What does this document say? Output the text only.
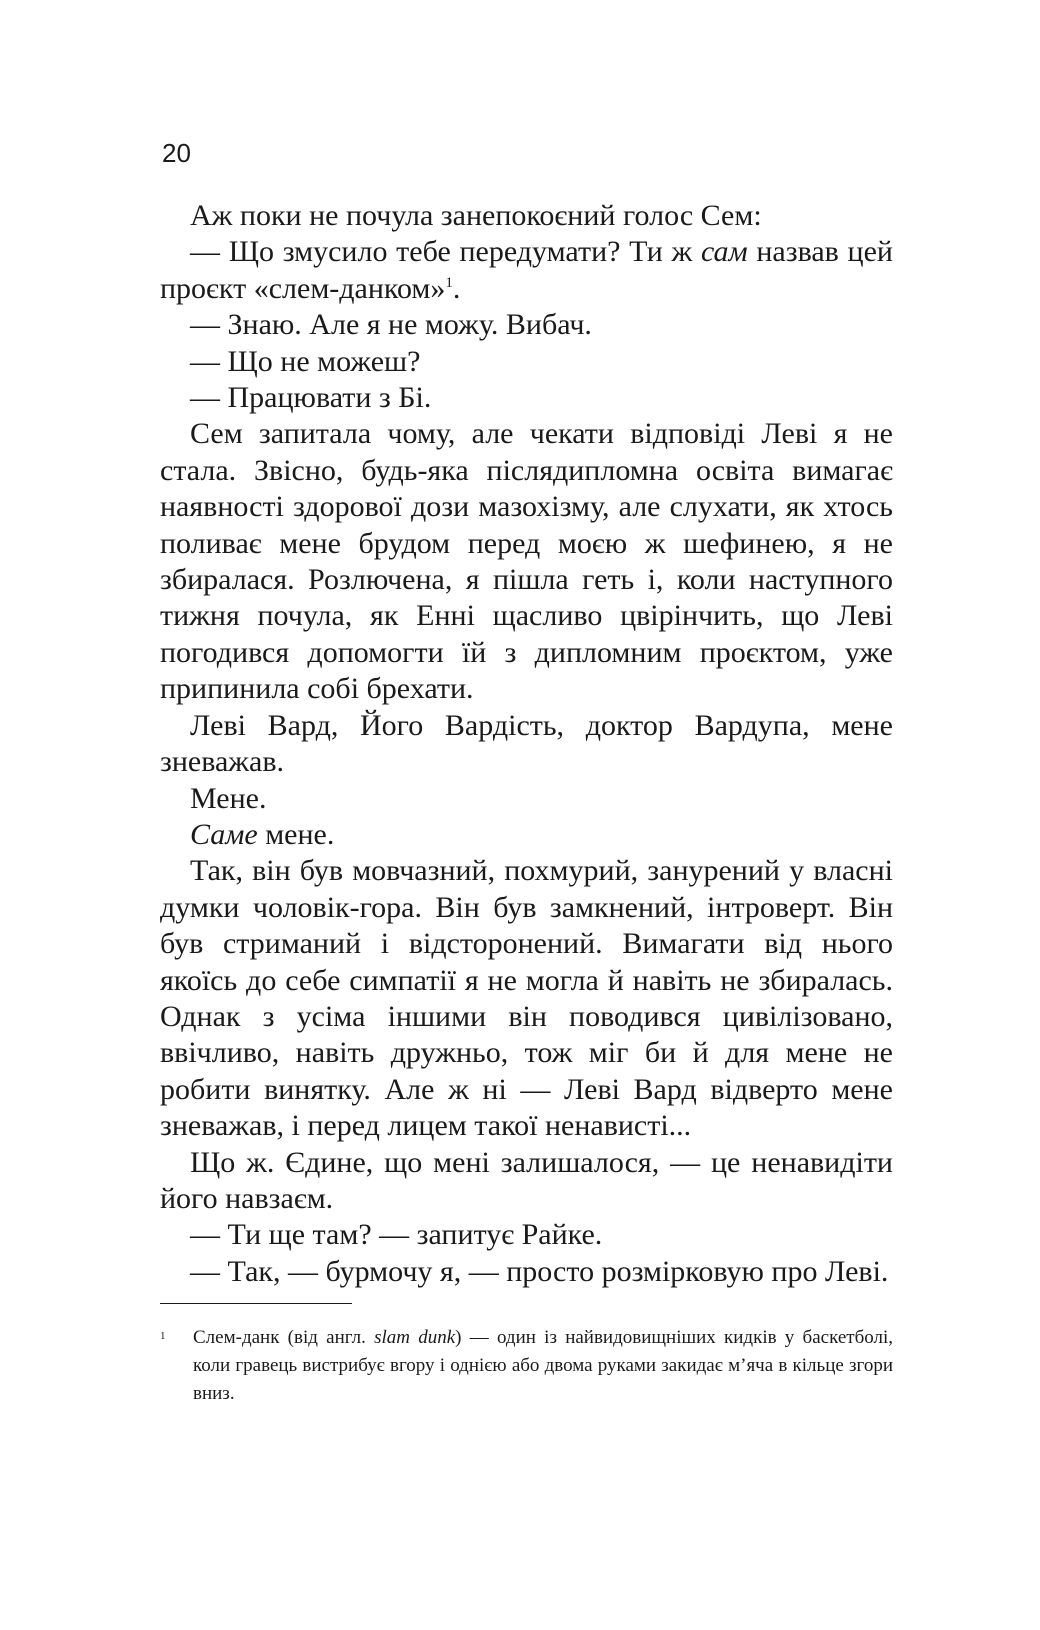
20

Аж поки не почула занепокоєний голос Сем:

— Що змусило тебе передумати? Ти ж сам назвав цей проєкт «слем-данком»$^1$.

— Знаю. Але я не можу. Вибач.

— Що не можеш?

— Працювати з Бі.

Сем запитала чому, але чекати відповіді Леві я не стала. Звісно, будь-яка післядипломна освіта вимагає наявності здорової дози мазохізму, але слухати, як хтось поливає мене брудом перед моєю ж шефинею, я не збиралася. Розлючена, я пішла геть і, коли наступного тижня почула, як Енні щасливо цвірінчить, що Леві погодився допомогти їй з дипломним проєктом, уже припинила собі брехати.

Леві Вард, Його Вардість, доктор Вардупа, мене зневажав.

Мене.

Саме мене.

Так, він був мовчазний, похмурий, занурений у власні думки чоловік-гора. Він був замкнений, інтроверт. Він був стриманий і відсторонений. Вимагати від нього якоїсь до себе симпатії я не могла й навіть не збиралась. Однак з усіма іншими він поводився цивілізовано, ввічливо, навіть дружньо, тож міг би й для мене не робити винятку. Але ж ні — Леві Вард відверто мене зневажав, і перед лицем такої ненависті...

Що ж. Єдине, що мені залишалося, — це ненавидіти його навзаєм.

— Ти ще там? — запитує Райке.

— Так, — бурмочу я, — просто розмірковую про Леві.

1	Слем-данк (від англ. slam dunk) — один із найвидовищніших кидків у баскетболі, коли гравець вистрибує вгору і однією або двома руками закидає м’яча в кільце згори вниз.
